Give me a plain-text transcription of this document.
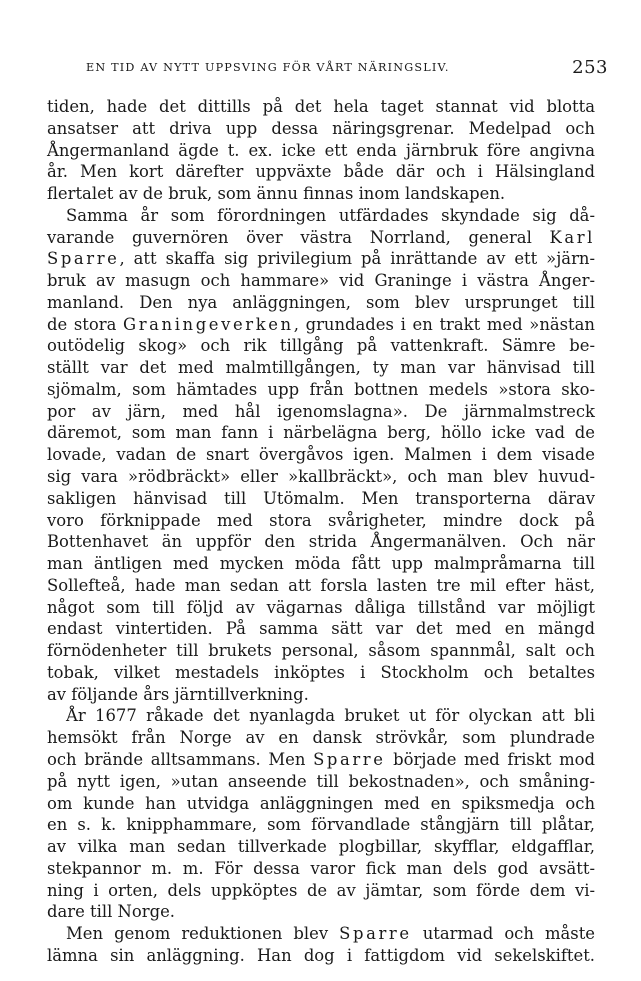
EN TID AV NYTT UPPSVING FÖR VÅRT NÄRINGSLIV.	253
tiden, hade det dittills på det hela taget stannat vid blotta
ansatser att driva upp dessa näringsgrenar. Medelpad och
Ångermanland ägde t. ex. icke ett enda järnbruk före angivna
år. Men kort därefter uppväxte både där och i Hälsingland
flertalet av de bruk, som ännu finnas inom landskapen.
Samma år som förordningen utfärdades skyndade sig då-
varande guvernören över västra Norrland, general Karl
Sparre, att skaffa sig privilegium på inrättande av ett »järn-
bruk av masugn och hammare» vid Graninge i västra Ånger-
manland. Den nya anläggningen, som blev ursprunget till
de stora Graningeverken, grundades i en trakt med »nästan
outödelig skog» och rik tillgång på vattenkraft. Sämre be-
ställt var det med malmtillgången, ty man var hänvisad till
sjömalm, som hämtades upp från bottnen medels »stora sko-
por av järn, med hål igenomslagna». De järnmalmstreck
däremot, som man fann i närbelägna berg, höllo icke vad de
lovade, vadan de snart övergåvos igen. Malmen i dem visade
sig vara »rödbräckt» eller »kallbräckt», och man blev huvud-
sakligen hänvisad till Utömalm. Men transporterna därav
voro förknippade med stora svårigheter, mindre dock på
Bottenhavet än uppför den strida Ångermanälven. Och när
man äntligen med mycken möda fått upp malmpråmarna till
Sollefteå, hade man sedan att forsla lasten tre mil efter häst,
något som till följd av vägarnas dåliga tillstånd var möjligt
endast vintertiden. På samma sätt var det med en mängd
förnödenheter till brukets personal, såsom spannmål, salt och
tobak, vilket mestadels inköptes i Stockholm och betaltes
av följande års järntillverkning.
År 1677 råkade det nyanlagda bruket ut för olyckan att bli
hemsökt från Norge av en dansk strövkår, som plundrade
och brände alltsammans. Men Sparre började med friskt mod
på nytt igen, »utan anseende till bekostnaden», och småning-
om kunde han utvidga anläggningen med en spiksmedja och
en s. k. knipphammare, som förvandlade stångjärn till plåtar,
av vilka man sedan tillverkade plogbillar, skyfflar, eldgafflar,
stekpannor m. m. För dessa varor fick man dels god avsätt-
ning i orten, dels uppköptes de av jämtar, som förde dem vi-
dare till Norge.
Men genom reduktionen blev Sparre utarmad och måste
lämna sin anläggning. Han dog i fattigdom vid sekelskiftet.
